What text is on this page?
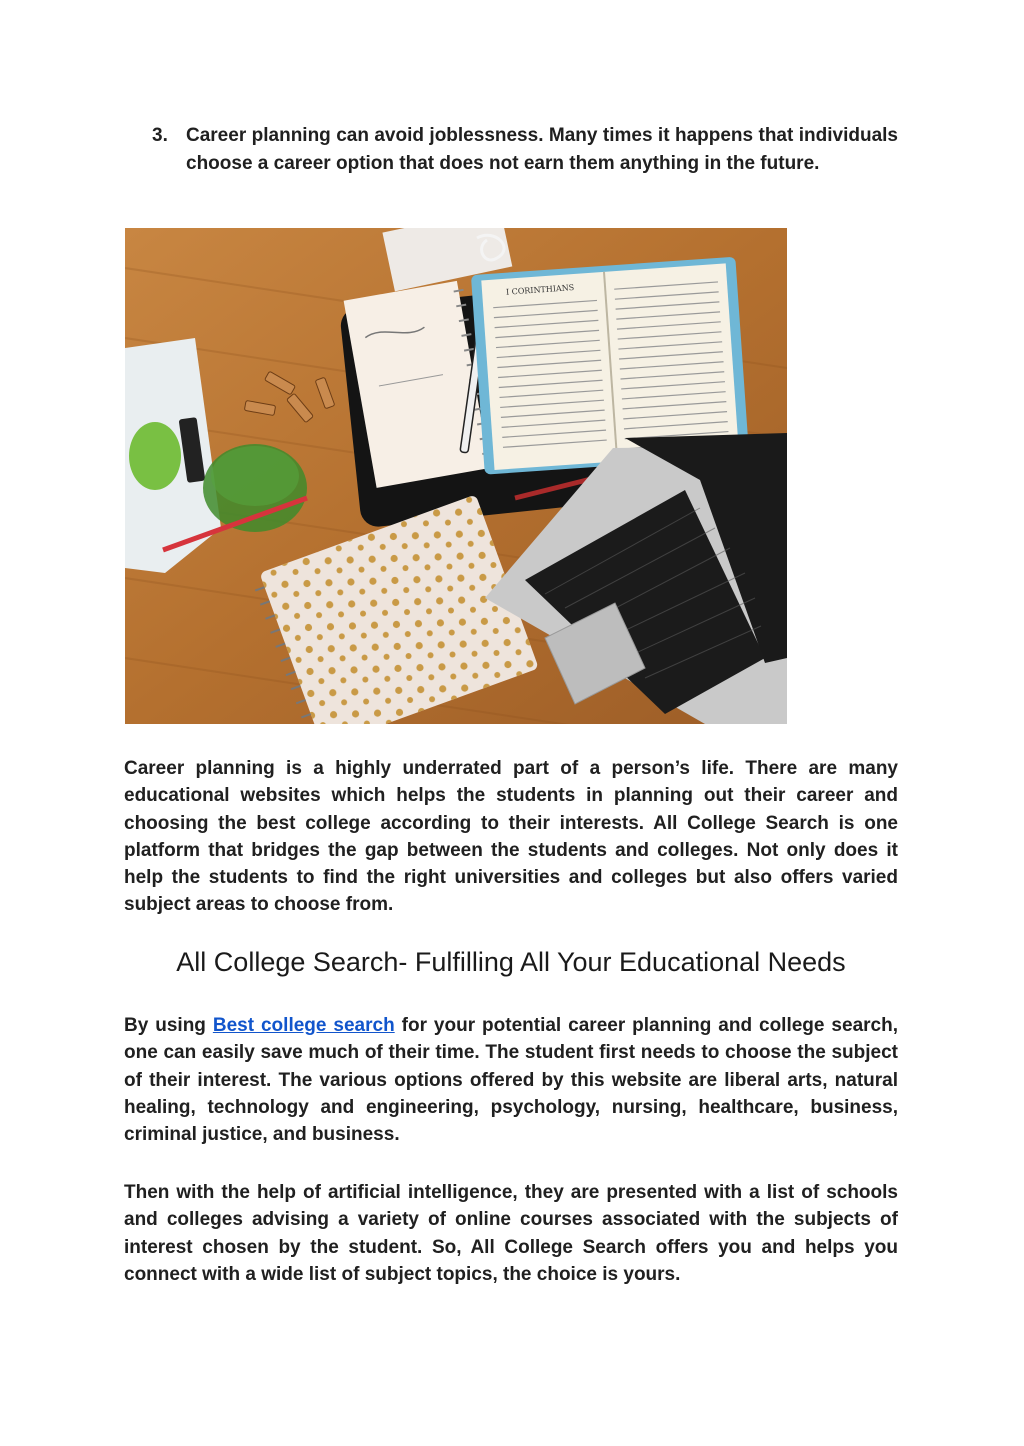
3. Career planning can avoid joblessness. Many times it happens that individuals choose a career option that does not earn them anything in the future.
I CORINTHIANS
Career planning is a highly underrated part of a person’s life. There are many educational websites which helps the students in planning out their career and choosing the best college according to their interests. All College Search is one platform that bridges the gap between the students and colleges. Not only does it help the students to find the right universities and colleges but also offers varied subject areas to choose from.
All College Search- Fulfilling All Your Educational Needs
By using Best college search for your potential career planning and college search, one can easily save much of their time. The student first needs to choose the subject of their interest. The various options offered by this website are liberal arts, natural healing, technology and engineering, psychology, nursing, healthcare, business, criminal justice, and business.
Then with the help of artificial intelligence, they are presented with a list of schools and colleges advising a variety of online courses associated with the subjects of interest chosen by the student. So, All College Search offers you and helps you connect with a wide list of subject topics, the choice is yours.
